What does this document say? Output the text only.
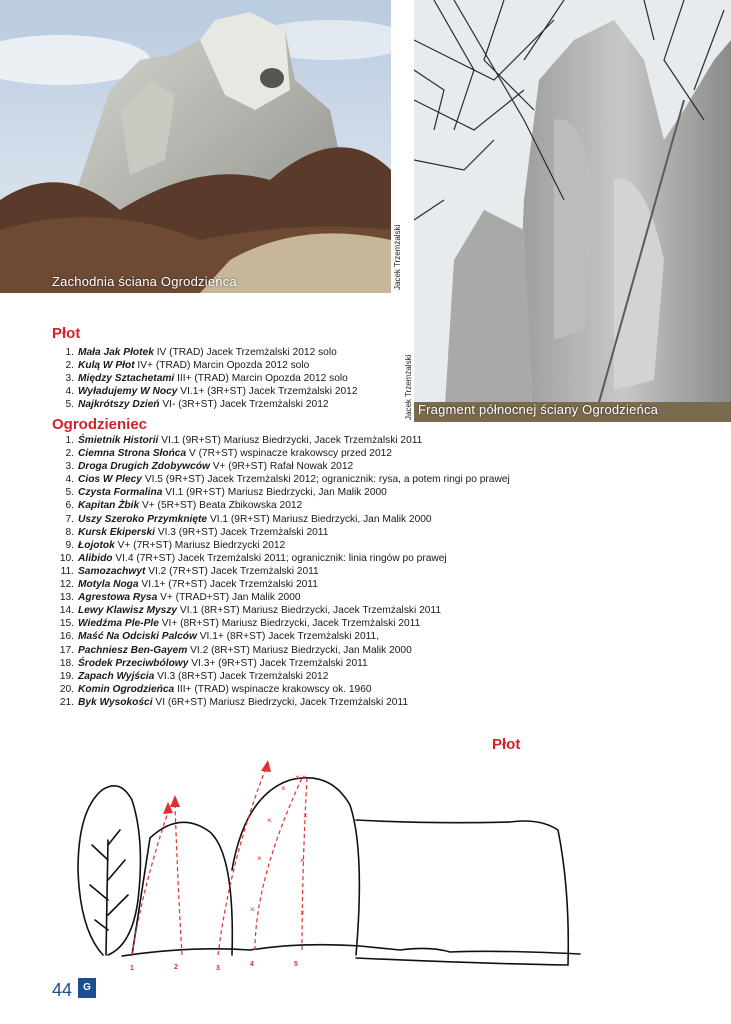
Zachodnia ściana Ogrodzieńca	Jacek Trzemżalski
Fragment północnej ściany Ogrodzieńca
Jacek Trzemżalski
Płot
1. Mała Jak Płotek IV (TRAD) Jacek Trzemżalski 2012 solo
2. Kulą W Płot IV+ (TRAD) Marcin Opozda 2012 solo
3. Między Sztachetami III+ (TRAD) Marcin Opozda 2012 solo
4. Wyładujemy W Nocy VI.1+ (3R+ST) Jacek Trzemżalski 2012
5. Najkrótszy Dzień VI- (3R+ST) Jacek Trzemżalski 2012
Ogrodzieniec
1. Śmietnik Historii VI.1 (9R+ST) Mariusz Biedrzycki, Jacek Trzemżalski 2011
2. Ciemna Strona Słońca V (7R+ST) wspinacze krakowscy przed 2012
3. Droga Drugich Zdobywców V+ (9R+ST) Rafał Nowak 2012
4. Cios W Plecy VI.5 (9R+ST) Jacek Trzemżalski 2012; ogranicznik: rysa, a potem ringi po prawej
5. Czysta Formalina VI.1 (9R+ST) Mariusz Biedrzycki, Jan Malik 2000
6. Kapitan Żbik V+ (5R+ST) Beata Zbikowska 2012
7. Uszy Szeroko Przymknięte VI.1 (9R+ST) Mariusz Biedrzycki, Jan Malik 2000
8. Kursk Ekiperski VI.3 (9R+ST) Jacek Trzemżalski 2011
9. Łojotok V+ (7R+ST) Mariusz Biedrzycki 2012
10. Alibido VI.4 (7R+ST) Jacek Trzemżalski 2011; ogranicznik: linia ringów po prawej
11. Samozachwyt VI.2 (7R+ST) Jacek Trzemżalski 2011
12. Motyla Noga VI.1+ (7R+ST) Jacek Trzemżalski 2011
13. Agrestowa Rysa V+ (TRAD+ST) Jan Malik 2000
14. Lewy Klawisz Myszy VI.1 (8R+ST) Mariusz Biedrzycki, Jacek Trzemżalski 2011
15. Wiedźma Ple-Ple VI+ (8R+ST) Mariusz Biedrzycki, Jacek Trzemżalski 2011
16. Maść Na Odciski Palców VI.1+ (8R+ST) Jacek Trzemżalski 2011,
17. Pachniesz Ben-Gayem VI.2 (8R+ST) Mariusz Biedrzycki, Jan Malik 2000
18. Środek Przeciwbólowy VI.3+ (9R+ST) Jacek Trzemżalski 2011
19. Zapach Wyjścia VI.3 (8R+ST) Jacek Trzemżalski 2012
20. Komin Ogrodzieńca III+ (TRAD) wspinacze krakowscy ok. 1960
21. Byk Wysokości VI (6R+ST) Mariusz Biedrzycki, Jacek Trzemżalski 2011
Płot
×
×
×
×
× ×
×
×
×
1	2	3
4	5
44	G
